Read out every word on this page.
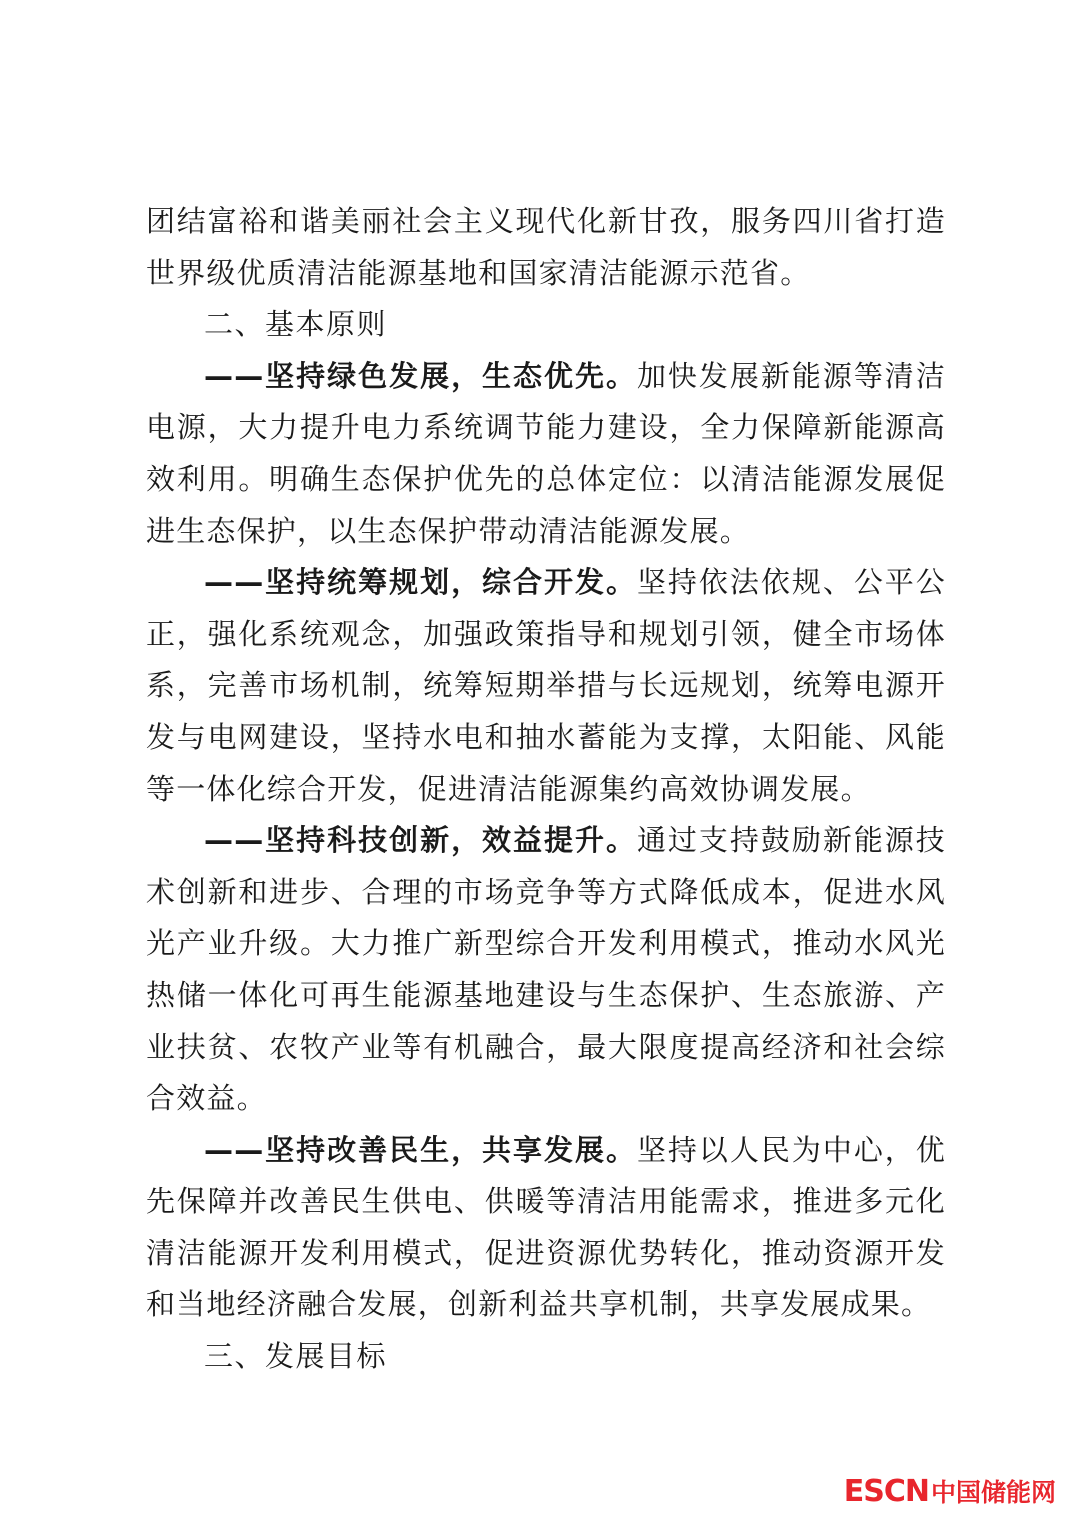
团结富裕和谐美丽社会主义现代化新甘孜，服务四川省打造世界级优质清洁能源基地和国家清洁能源示范省。

二、基本原则

——坚持绿色发展，生态优先。加快发展新能源等清洁电源，大力提升电力系统调节能力建设，全力保障新能源高效利用。明确生态保护优先的总体定位：以清洁能源发展促进生态保护，以生态保护带动清洁能源发展。

——坚持统筹规划，综合开发。坚持依法依规、公平公正，强化系统观念，加强政策指导和规划引领，健全市场体系，完善市场机制，统筹短期举措与长远规划，统筹电源开发与电网建设，坚持水电和抽水蓄能为支撑，太阳能、风能等一体化综合开发，促进清洁能源集约高效协调发展。

——坚持科技创新，效益提升。通过支持鼓励新能源技术创新和进步、合理的市场竞争等方式降低成本，促进水风光产业升级。大力推广新型综合开发利用模式，推动水风光热储一体化可再生能源基地建设与生态保护、生态旅游、产业扶贫、农牧产业等有机融合，最大限度提高经济和社会综合效益。

——坚持改善民生，共享发展。坚持以人民为中心，优先保障并改善民生供电、供暖等清洁用能需求，推进多元化清洁能源开发利用模式，促进资源优势转化，推动资源开发和当地经济融合发展，创新利益共享机制，共享发展成果。

三、发展目标

ESCN 中国储能网
